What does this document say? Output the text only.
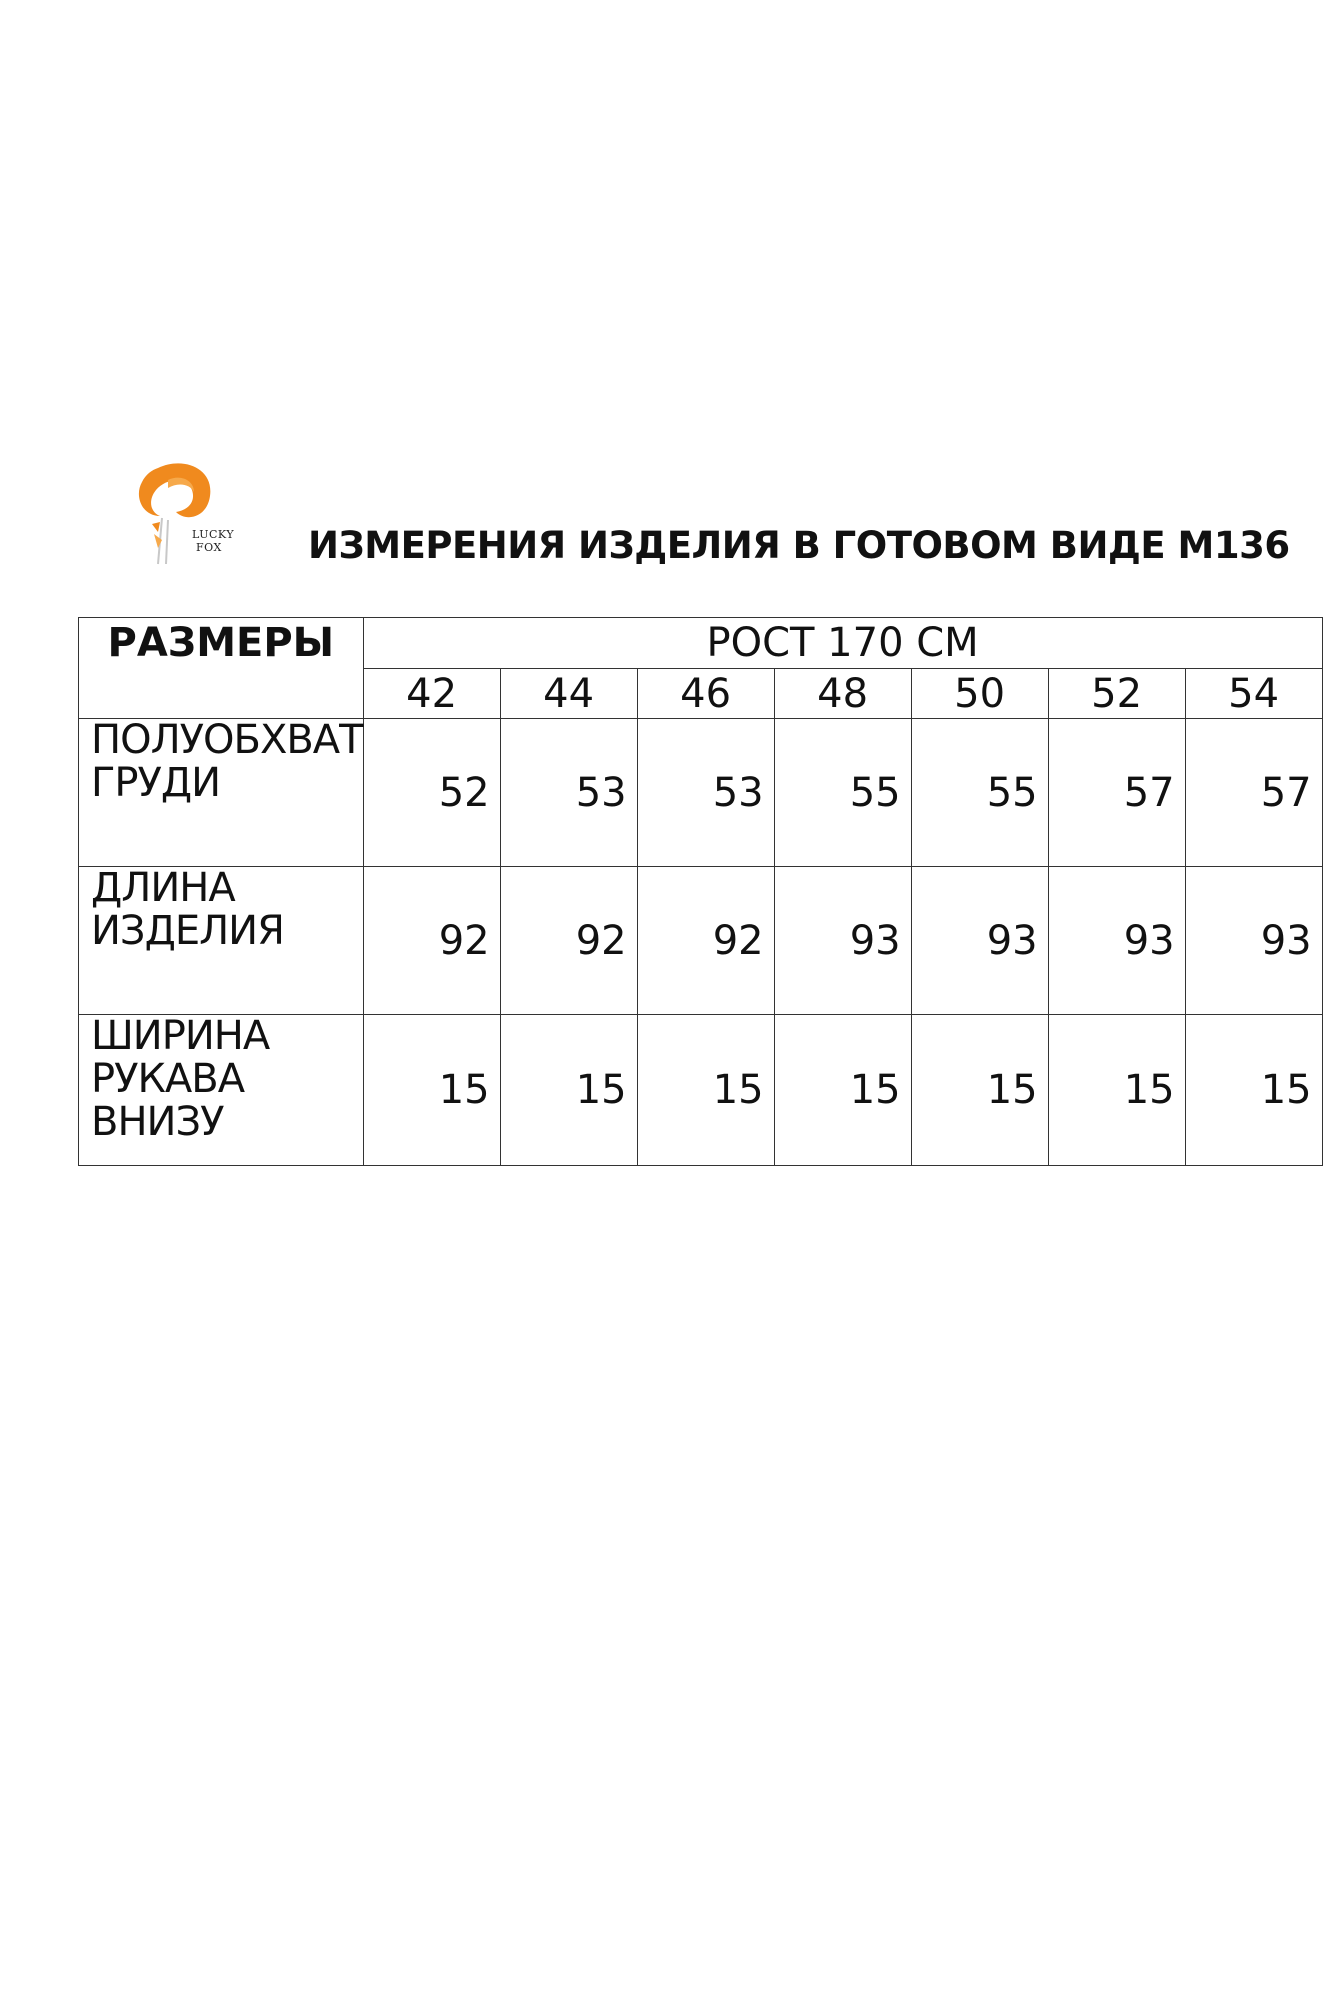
LUCKY
FOX	ИЗМЕРЕНИЯ ИЗДЕЛИЯ В ГОТОВОМ ВИДЕ М136
РАЗМЕРЫ	РОСТ 170 СМ						
	42	44	46	48	50	52	54

ПОЛУОБХВАТ
ГРУДИ	52	53	53	55	55	57	57

ДЛИНА
ИЗДЕЛИЯ	92	92	92	93	93	93	93

ШИРИНА
РУКАВА
ВНИЗУ	15	15	15	15	15	15	15
